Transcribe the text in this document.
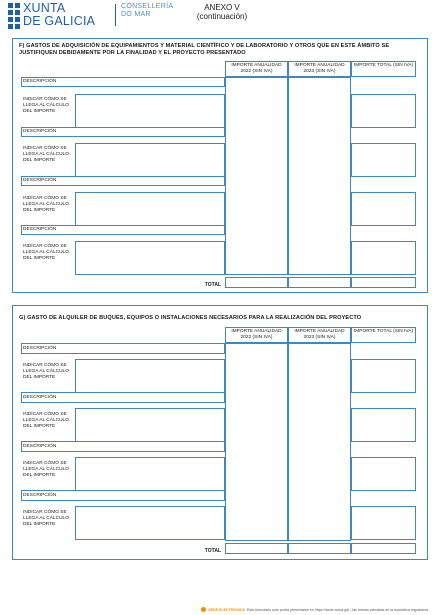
XUNTA
DE GALICIA
CONSELLERÍA
DO MAR
ANEXO V
(continuación)
F) GASTOS DE ADQUISICIÓN DE EQUIPAMIENTOS Y MATERIAL CIENTÍFICO Y DE LABORATORIO Y OTROS QUE EN ESTE ÁMBITO SE JUSTIFIQUEN DEBIDAMENTE POR LA FINALIDAD Y EL PROYECTO PRESENTADO
IMPORTE ANUALIDAD 2022 (SIN IVA)
IMPORTE ANUALIDAD 2023 (SIN IVA)
IMPORTE TOTAL (SIN IVA)
DESCRIPCIÓN
INDICAR CÓMO SE LLEGA AL CÁLCULO DEL IMPORTE
DESCRIPCIÓN
INDICAR CÓMO SE LLEGA AL CÁLCULO DEL IMPORTE
DESCRIPCIÓN
INDICAR CÓMO SE LLEGA AL CÁLCULO DEL IMPORTE
DESCRIPCIÓN
INDICAR CÓMO SE LLEGA AL CÁLCULO DEL IMPORTE
TOTAL
G) GASTO DE ALQUILER DE BUQUES, EQUIPOS O INSTALACIONES NECESARIOS PARA LA REALIZACIÓN DEL PROYECTO
IMPORTE ANUALIDAD 2022 (SIN IVA)
IMPORTE ANUALIDAD 2023 (SIN IVA)
IMPORTE TOTAL (SIN IVA)
DESCRIPCIÓN
INDICAR CÓMO SE LLEGA AL CÁLCULO DEL IMPORTE
DESCRIPCIÓN
INDICAR CÓMO SE LLEGA AL CÁLCULO DEL IMPORTE
DESCRIPCIÓN
INDICAR CÓMO SE LLEGA AL CÁLCULO DEL IMPORTE
DESCRIPCIÓN
INDICAR CÓMO SE LLEGA AL CÁLCULO DEL IMPORTE
TOTAL
SEDE ELECTRÓNICA Este formulario solo podrá presentarse en https://sede.xunta.gal - las formas previstas en la normativa reguladora
